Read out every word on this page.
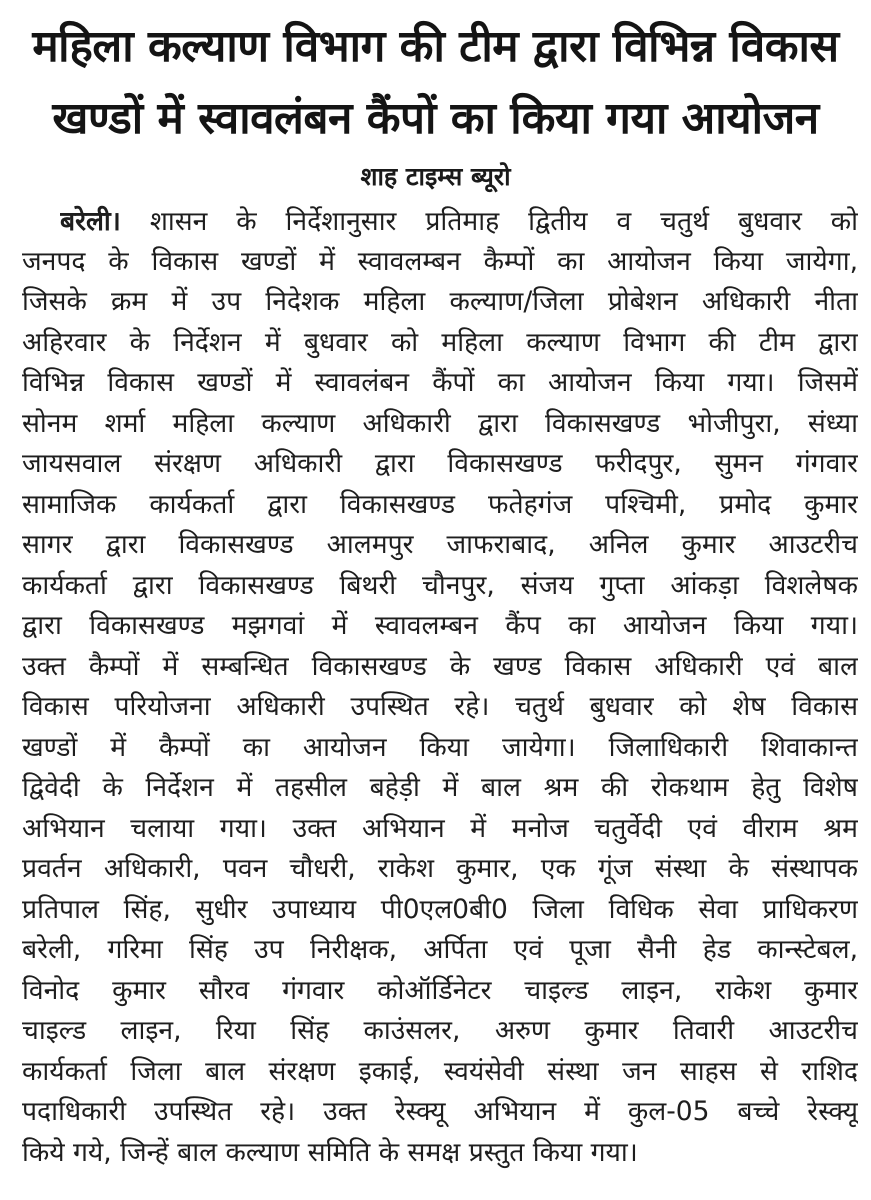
महिला कल्याण विभाग की टीम द्वारा विभिन्न विकास
खण्डों में स्वावलंबन कैंपों का किया गया आयोजन
शाह टाइम्स ब्यूरो
बरेली। शासन के निर्देशानुसार प्रतिमाह द्वितीय व चतुर्थ बुधवार को
जनपद के विकास खण्डों में स्वावलम्बन कैम्पों का आयोजन किया जायेगा,
जिसके क्रम में उप निदेशक महिला कल्याण/जिला प्रोबेशन अधिकारी नीता
अहिरवार के निर्देशन में बुधवार को महिला कल्याण विभाग की टीम द्वारा
विभिन्न विकास खण्डों में स्वावलंबन कैंपों का आयोजन किया गया। जिसमें
सोनम शर्मा महिला कल्याण अधिकारी द्वारा विकासखण्ड भोजीपुरा, संध्या
जायसवाल संरक्षण अधिकारी द्वारा विकासखण्ड फरीदपुर, सुमन गंगवार
सामाजिक कार्यकर्ता द्वारा विकासखण्ड फतेहगंज पश्चिमी, प्रमोद कुमार
सागर द्वारा विकासखण्ड आलमपुर जाफराबाद, अनिल कुमार आउटरीच
कार्यकर्ता द्वारा विकासखण्ड बिथरी चौनपुर, संजय गुप्ता आंकड़ा विशलेषक
द्वारा विकासखण्ड मझगवां में स्वावलम्बन कैंप का आयोजन किया गया।
उक्त कैम्पों में सम्बन्धित विकासखण्ड के खण्ड विकास अधिकारी एवं बाल
विकास परियोजना अधिकारी उपस्थित रहे। चतुर्थ बुधवार को शेष विकास
खण्डों में कैम्पों का आयोजन किया जायेगा। जिलाधिकारी शिवाकान्त
द्विवेदी के निर्देशन में तहसील बहेड़ी में बाल श्रम की रोकथाम हेतु विशेष
अभियान चलाया गया। उक्त अभियान में मनोज चतुर्वेदी एवं वीराम श्रम
प्रवर्तन अधिकारी, पवन चौधरी, राकेश कुमार, एक गूंज संस्था के संस्थापक
प्रतिपाल सिंह, सुधीर उपाध्याय पी0एल0बी0 जिला विधिक सेवा प्राधिकरण
बरेली, गरिमा सिंह उप निरीक्षक, अर्पिता एवं पूजा सैनी हेड कान्स्टेबल,
विनोद कुमार सौरव गंगवार कोऑर्डिनेटर चाइल्ड लाइन, राकेश कुमार
चाइल्ड लाइन, रिया सिंह काउंसलर, अरुण कुमार तिवारी आउटरीच
कार्यकर्ता जिला बाल संरक्षण इकाई, स्वयंसेवी संस्था जन साहस से राशिद
पदाधिकारी उपस्थित रहे। उक्त रेस्क्यू अभियान में कुल-05 बच्चे रेस्क्यू
किये गये, जिन्हें बाल कल्याण समिति के समक्ष प्रस्तुत किया गया।
